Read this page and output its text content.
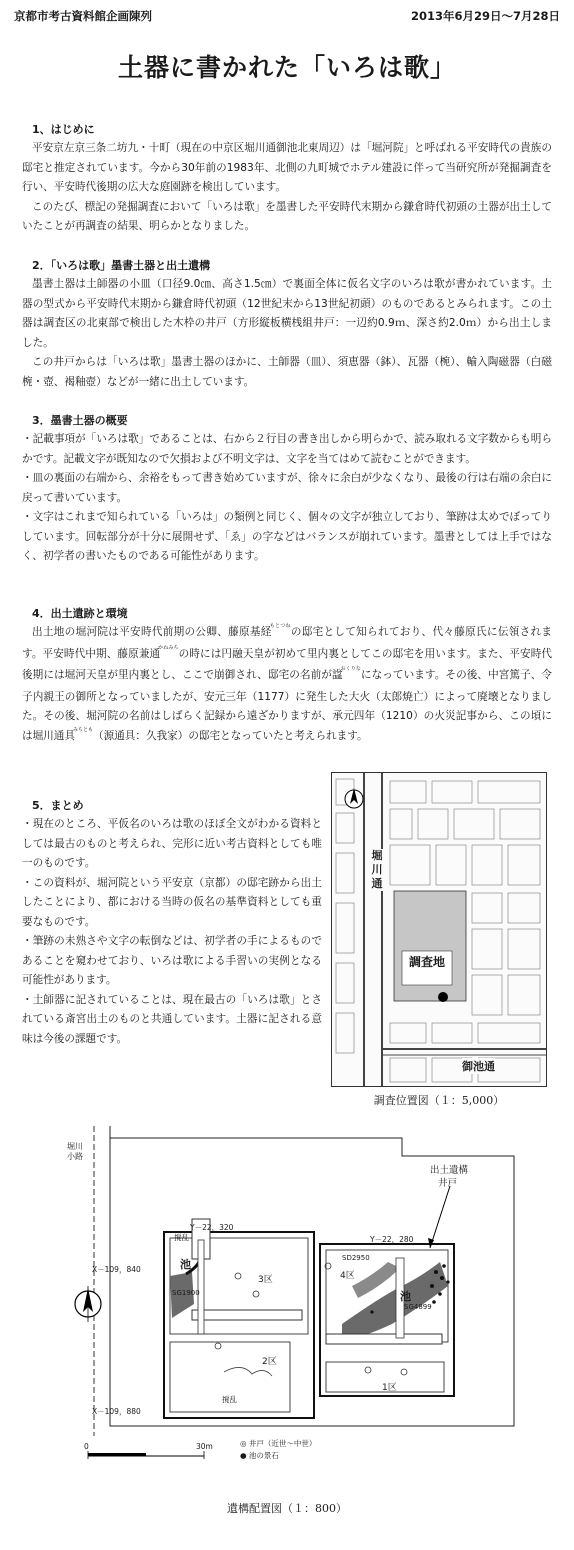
京都市考古資料館企画陳列	2013年6月29日〜7月28日
土器に書かれた「いろは歌」
1、はじめに

平安京左京三条二坊九・十町（現在の中京区堀川通御池北東周辺）は「堀河院」と呼ばれる平安時代の貴族の邸宅と推定されています。今から30年前の1983年、北側の九町城でホテル建設に伴って当研究所が発掘調査を行い、平安時代後期の広大な庭園跡を検出しています。

このたび、標記の発掘調査において「いろは歌」を墨書した平安時代末期から鎌倉時代初頭の土器が出土していたことが再調査の結果、明らかとなりました。

2．「いろは歌」墨書土器と出土遺構

墨書土器は土師器の小皿（口径9.0㎝、高さ1.5㎝）で裏面全体に仮名文字のいろは歌が書かれています。土器の型式から平安時代末期から鎌倉時代初頭（12世紀末から13世紀初頭）のものであるとみられます。この土器は調査区の北東部で検出した木枠の井戸（方形縦板横桟組井戸：一辺約0.9ｍ、深さ約2.0ｍ）から出土しました。

この井戸からは「いろは歌」墨書土器のほかに、土師器（皿）、須恵器（鉢）、瓦器（椀）、輸入陶磁器（白磁椀・壺、褐釉壺）などが一緒に出土しています。

3．墨書土器の概要

・記載事項が「いろは歌」であることは、右から２行目の書き出しから明らかで、読み取れる文字数からも明らかです。記載文字が既知なので欠損および不明文字は、文字を当てはめて読むことができます。

・皿の裏面の右端から、余裕をもって書き始めていますが、徐々に余白が少なくなり、最後の行は右端の余白に戻って書いています。

・文字はこれまで知られている「いろは」の類例と同じく、個々の文字が独立しており、筆跡は太めでぼってりしています。回転部分が十分に展開せず、「ゑ」の字などはバランスが崩れています。墨書としては上手ではなく、初学者の書いたものである可能性があります。

4．出土遺跡と環境

出土地の堀河院は平安時代前期の公卿、藤原基経$^{もとつね}$の邸宅として知られており、代々藤原氏に伝領されます。平安時代中期、藤原兼通$^{かねみち}$の時には円融天皇が初めて里内裏としてこの邸宅を用います。また、平安時代後期には堀河天皇が里内裏とし、ここで崩御され、邸宅の名前が諡$^{おくりな}$になっています。その後、中宮篤子、令子内親王の御所となっていましたが、安元三年（1177）に発生した大火（太郎焼亡）によって廃壊となりました。その後、堀河院の名前はしばらく記録から遠ざかりますが、承元四年（1210）の火災記事から、この頃には堀川通具$^{みちとも}$（源通具：久我家）の邸宅となっていたと考えられます。

5．まとめ

・現在のところ、平仮名のいろは歌のほぼ全文がわかる資料としては最古のものと考えられ、完形に近い考古資料としても唯一のものです。

・この資料が、堀河院という平安京（京都）の邸宅跡から出土したことにより、都における当時の仮名の基準資料としても重要なものです。

・筆跡の未熟さや文字の転倒などは、初学者の手によるものであることを窺わせており、いろは歌による手習いの実例となる可能性があります。

・土師器に記されていることは、現在最古の「いろは歌」とされている斎宮出土のものと共通しています。土器に記される意味は今後の課題です。

堀川通
調査地
御池通
調査位置図（１：5,000）
堀川小路
Y－22，320
Y－22，280
X－109，840
X－109，880
出土遺構
井戸
1区
2区
3区	4区
池
池
SD2950
SG1900
SG4899
撹乱
撹乱
0	30m	◎ 井戸（近世～中世）
● 池の景石
遺構配置図（１：800）
